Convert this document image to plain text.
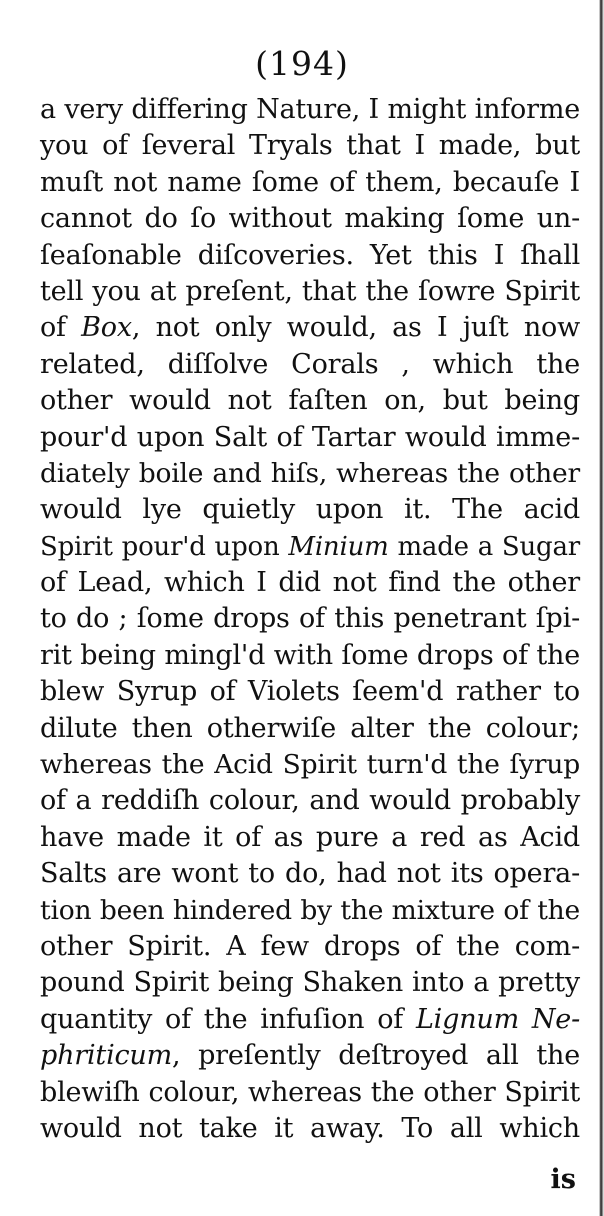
(194)
a very differing Nature, I might informe
you of ſeveral Tryals that I made, but
muſt not name ſome of them, becauſe I
cannot do ſo without making ſome un-
ſeaſonable diſcoveries. Yet this I ſhall
tell you at preſent, that the ſowre Spirit
of Box, not only would, as I juſt now
related, diſſolve Corals , which the
other would not faſten on, but being
pour'd upon Salt of Tartar would imme-
diately boile and hiſs, whereas the other
would lye quietly upon it. The acid
Spirit pour'd upon Minium made a Sugar
of Lead, which I did not find the other
to do ; ſome drops of this penetrant ſpi-
rit being mingl'd with ſome drops of the
blew Syrup of Violets ſeem'd rather to
dilute then otherwiſe alter the colour;
whereas the Acid Spirit turn'd the ſyrup
of a reddiſh colour, and would probably
have made it of as pure a red as Acid
Salts are wont to do, had not its opera-
tion been hindered by the mixture of the
other Spirit. A few drops of the com-
pound Spirit being Shaken into a pretty
quantity of the infuſion of Lignum Ne-
phriticum, preſently deſtroyed all the
blewiſh colour, whereas the other Spirit
would not take it away. To all which
is
